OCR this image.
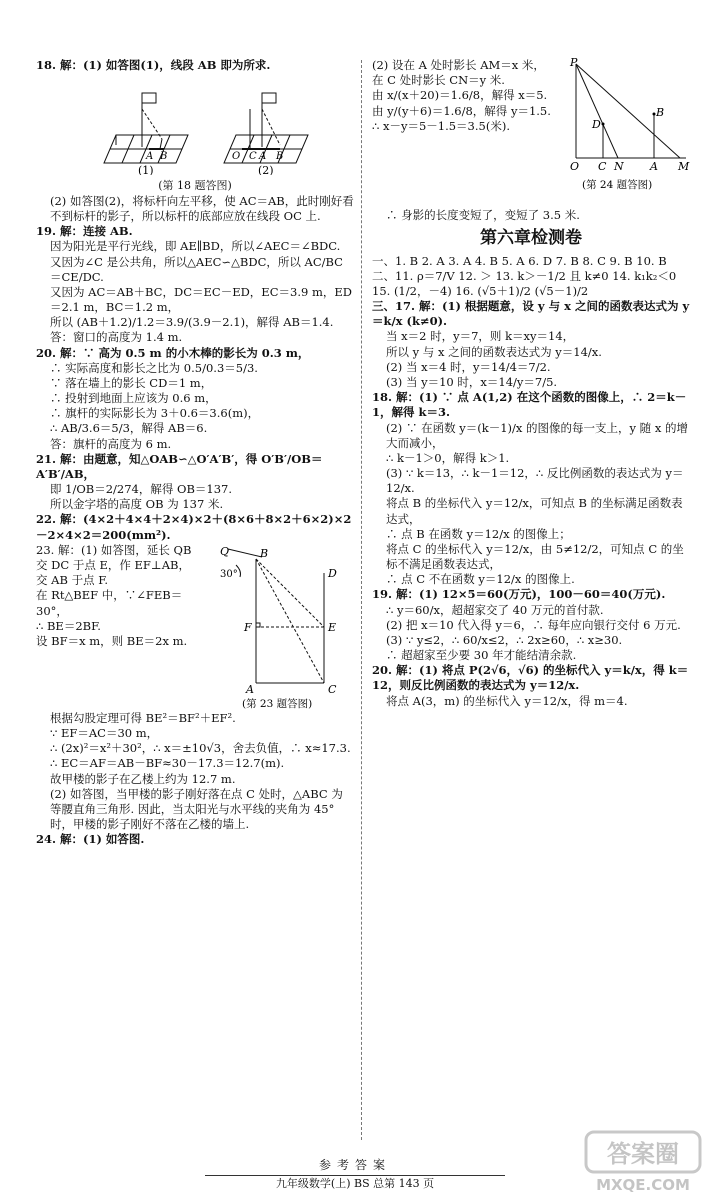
18. 解：(1) 如答图(1)，线段 AB 即为所求.

A B	O C A B
(1)	(2)

(第 18 题答图)

(2) 如答图(2)，将标杆向左平移，使 AC＝AB，此时刚好看不到标杆的影子，所以标杆的底部应放在线段 OC 上.

19. 解：连接 AB.

因为阳光是平行光线，即 AE∥BD，所以∠AEC＝∠BDC.

又因为∠C 是公共角，所以△AEC∽△BDC，所以 AC/BC＝CE/DC.

又因为 AC＝AB＋BC，DC＝EC－ED，EC＝3.9 m，ED＝2.1 m，BC＝1.2 m，

所以 (AB＋1.2)/1.2＝3.9/(3.9－2.1)，解得 AB＝1.4.

答：窗口的高度为 1.4 m.

20. 解：∵ 高为 0.5 m 的小木棒的影长为 0.3 m，

∴ 实际高度和影长之比为 0.5/0.3＝5/3.

∵ 落在墙上的影长 CD＝1 m，

∴ 投射到地面上应该为 0.6 m，

∴ 旗杆的实际影长为 3＋0.6＝3.6(m)，

∴ AB/3.6＝5/3，解得 AB＝6.

答：旗杆的高度为 6 m.

21. 解：由题意，知△OAB∽△O′A′B′，得 O′B′/OB＝A′B′/AB，

即 1/OB＝2/274，解得 OB＝137.

所以金字塔的高度 OB 为 137 米.

22. 解：(4×2＋4×4＋2×4)×2＋(8×6＋8×2＋6×2)×2－2×4×2＝200(mm²).

23. 解：(1) 如答图，延长 QB 交 DC 于点 E，作 EF⊥AB，交 AB 于点 F.

在 Rt△BEF 中，∵∠FEB＝30°，

∴ BE＝2BF.

设 BF＝x m，则 BE＝2x m.

Q	B
30°	D
F	E
A	C
(第 23 题答图)

根据勾股定理可得 BE²＝BF²＋EF².

∵ EF＝AC＝30 m，

∴ (2x)²＝x²＋30²，∴ x＝±10√3，舍去负值，∴ x≈17.3.

∴ EC＝AF＝AB－BF≈30－17.3＝12.7(m).

故甲楼的影子在乙楼上约为 12.7 m.

(2) 如答图，当甲楼的影子刚好落在点 C 处时，△ABC 为等腰直角三角形. 因此，当太阳光与水平线的夹角为 45°时，甲楼的影子刚好不落在乙楼的墙上.

24. 解：(1) 如答图.

(2) 设在 A 处时影长 AM＝x 米，

在 C 处时影长 CN＝y 米.

由 x/(x＋20)＝1.6/8，解得 x＝5.

由 y/(y＋6)＝1.6/8，解得 y＝1.5.

∴ x－y＝5－1.5＝3.5(米).

P
D
B
O C N A M
(第 24 题答图)

∴ 身影的长度变短了，变短了 3.5 米.

第六章检测卷

一、1. B 2. A 3. A 4. B 5. A 6. D 7. B 8. C 9. B 10. B

二、11. ρ＝7/V 12. ＞ 13. k＞－1/2 且 k≠0 14. k₁k₂＜0

15. (1/2，－4) 16. (√5＋1)/2 (√5－1)/2

三、17. 解：(1) 根据题意，设 y 与 x 之间的函数表达式为 y＝k/x (k≠0).

当 x＝2 时，y＝7，则 k＝xy＝14，

所以 y 与 x 之间的函数表达式为 y＝14/x.

(2) 当 x＝4 时，y＝14/4＝7/2.

(3) 当 y＝10 时，x＝14/y＝7/5.

18. 解：(1) ∵ 点 A(1,2) 在这个函数的图像上，∴ 2＝k－1，解得 k＝3.

(2) ∵ 在函数 y＝(k－1)/x 的图像的每一支上，y 随 x 的增大而减小，

∴ k－1＞0，解得 k＞1.

(3) ∵ k＝13，∴ k－1＝12，∴ 反比例函数的表达式为 y＝12/x.

将点 B 的坐标代入 y＝12/x，可知点 B 的坐标满足函数表达式，

∴ 点 B 在函数 y＝12/x 的图像上；

将点 C 的坐标代入 y＝12/x，由 5≠12/2，可知点 C 的坐标不满足函数表达式，

∴ 点 C 不在函数 y＝12/x 的图像上.

19. 解：(1) 12×5＝60(万元)，100－60＝40(万元).

∴ y＝60/x，超超家交了 40 万元的首付款.

(2) 把 x＝10 代入得 y＝6，∴ 每年应向银行交付 6 万元.

(3) ∵ y≤2，∴ 60/x≤2，∴ 2x≥60，∴ x≥30.

∴ 超超家至少要 30 年才能结清余款.

20. 解：(1) 将点 P(2√6，√6) 的坐标代入 y＝k/x，得 k＝12，则反比例函数的表达式为 y＝12/x.

将点 A(3，m) 的坐标代入 y＝12/x，得 m＝4.

参考答案
九年级数学(上) BS 总第 143 页
答案圈
MXQE.COM
